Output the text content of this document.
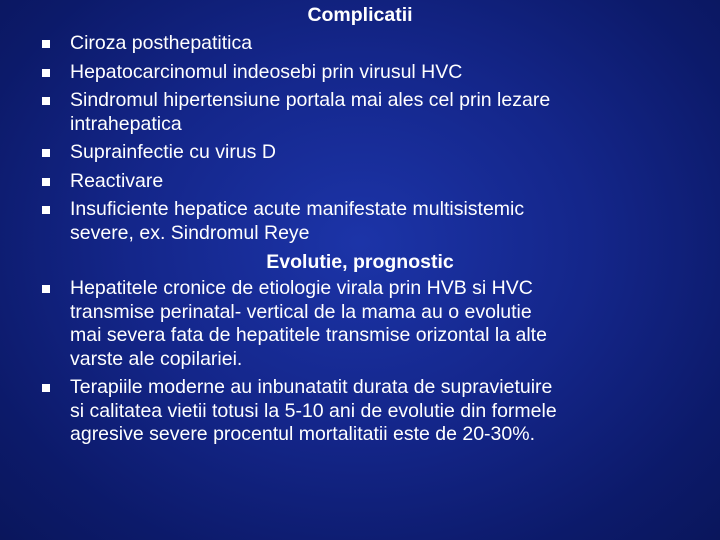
Complicatii
Ciroza posthepatitica
Hepatocarcinomul indeosebi prin virusul HVC
Sindromul hipertensiune portala mai ales cel prin lezare
intrahepatica
Suprainfectie cu virus D
Reactivare
Insuficiente hepatice acute manifestate multisistemic
severe, ex. Sindromul Reye
Evolutie, prognostic
Hepatitele cronice de etiologie virala prin HVB si HVC
transmise perinatal- vertical de la mama au o evolutie
mai severa fata de hepatitele transmise orizontal la alte
varste ale copilariei.
Terapiile moderne au inbunatatit durata de supravietuire
si calitatea vietii totusi la 5-10 ani de evolutie din formele
agresive severe procentul mortalitatii este de 20-30%.
